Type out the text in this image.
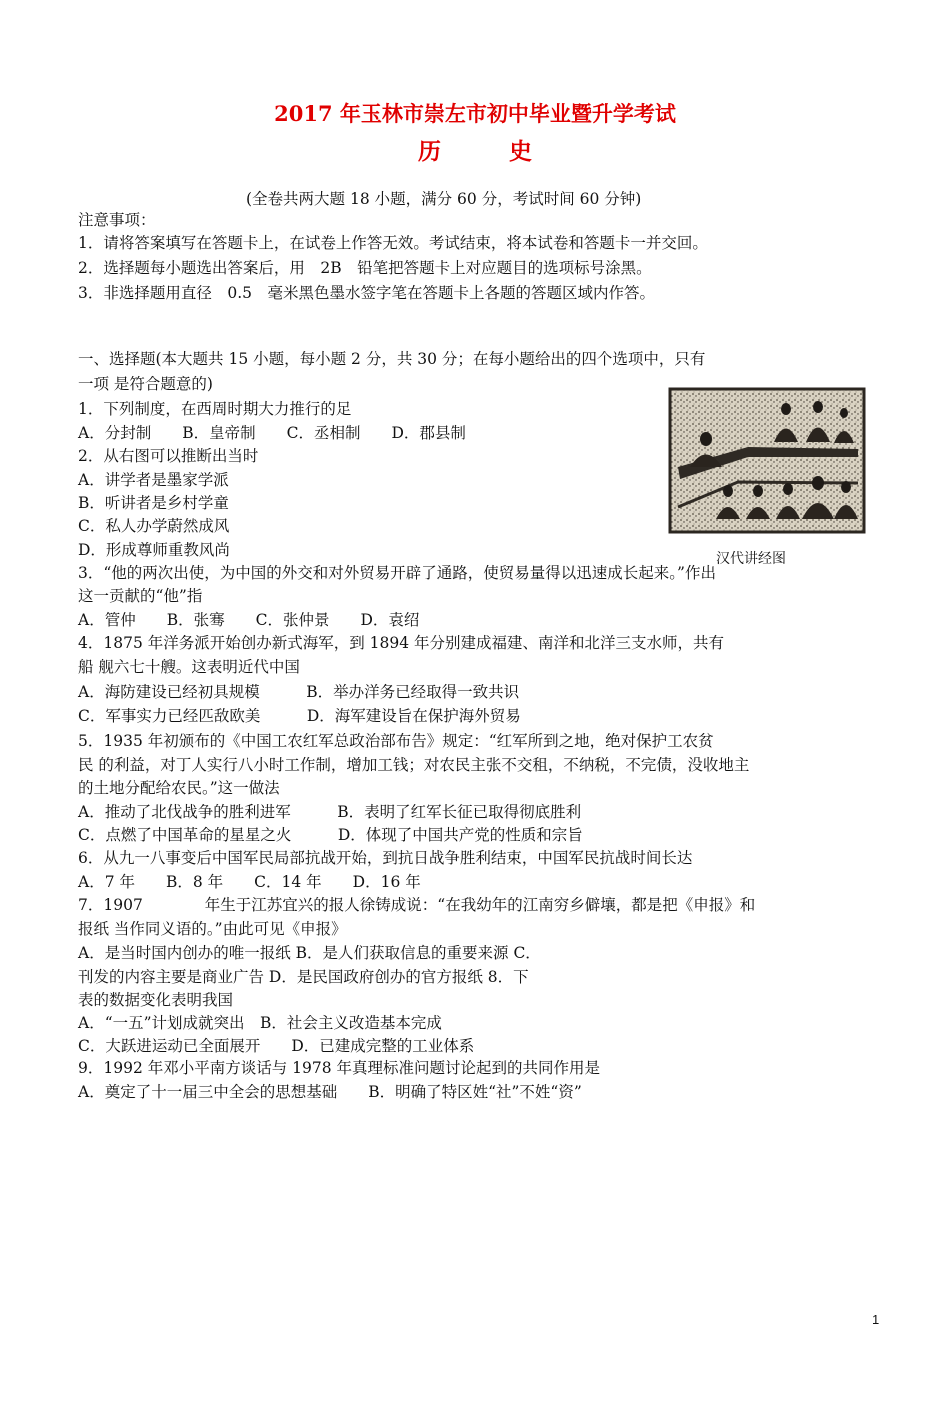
2017 年玉林市崇左市初中毕业暨升学考试
历 史
(全卷共两大题 18 小题，满分 60 分，考试时间 60 分钟)
注意事项：
1．请将答案填写在答题卡上，在试卷上作答无效。考试结束，将本试卷和答题卡一并交回。
2．选择题每小题选出答案后，用　2B　铅笔把答题卡上对应题目的选项标号涂黑。
3．非选择题用直径　0.5　毫米黑色墨水签字笔在答题卡上各题的答题区域内作答。
一、选择题(本大题共 15 小题，每小题 2 分，共 30 分；在每小题给出的四个选项中，只有
一项 是符合题意的)
1．下列制度，在西周时期大力推行的足
A．分封制　　B．皇帝制　　C．丞相制　　D．郡县制
2．从右图可以推断出当时
A．讲学者是墨家学派
B．听讲者是乡村学童
C．私人办学蔚然成风
D．形成尊师重教风尚
3．“他的两次出使，为中国的外交和对外贸易开辟了通路，使贸易量得以迅速成长起来。”作出
这一贡献的“他”指
A．管仲　　B．张骞　　C．张仲景　　D．袁绍
4．1875 年洋务派开始创办新式海军，到 1894 年分别建成福建、南洋和北洋三支水师，共有
船 舰六七十艘。这表明近代中国
A．海防建设已经初具规模　　　B．举办洋务已经取得一致共识
C．军事实力已经匹敌欧美　　　D．海军建设旨在保护海外贸易
5．1935 年初颁布的《中国工农红军总政治部布告》规定：“红军所到之地，绝对保护工农贫
民 的利益，对丁人实行八小时工作制，增加工钱；对农民主张不交租，不纳税，不完债，没收地主
的土地分配给农民。”这一做法
A．推动了北伐战争的胜利进军　　　B．表明了红军长征已取得彻底胜利
C．点燃了中国革命的星星之火　　　D．体现了中国共产党的性质和宗旨
6．从九一八事变后中国军民局部抗战开始，到抗日战争胜利结束，中国军民抗战时间长达
A．7 年　　B．8 年　　C．14 年　　D．16 年
7．1907　　　　年生于江苏宜兴的报人徐铸成说：“在我幼年的江南穷乡僻壤，都是把《申报》和
报纸 当作同义语的。”由此可见《申报》
A．是当时国内创办的唯一报纸 B．是人们获取信息的重要来源 C．
刊发的内容主要是商业广告 D．是民国政府创办的官方报纸 8．下
表的数据变化表明我国
A．“一五”计划成就突出　B．社会主义改造基本完成
C．大跃进运动已全面展开　　D．已建成完整的工业体系
9．1992 年邓小平南方谈话与 1978 年真理标准问题讨论起到的共同作用是
A．奠定了十一届三中全会的思想基础　　B．明确了特区姓“社”不姓“资”
汉代讲经图
1
